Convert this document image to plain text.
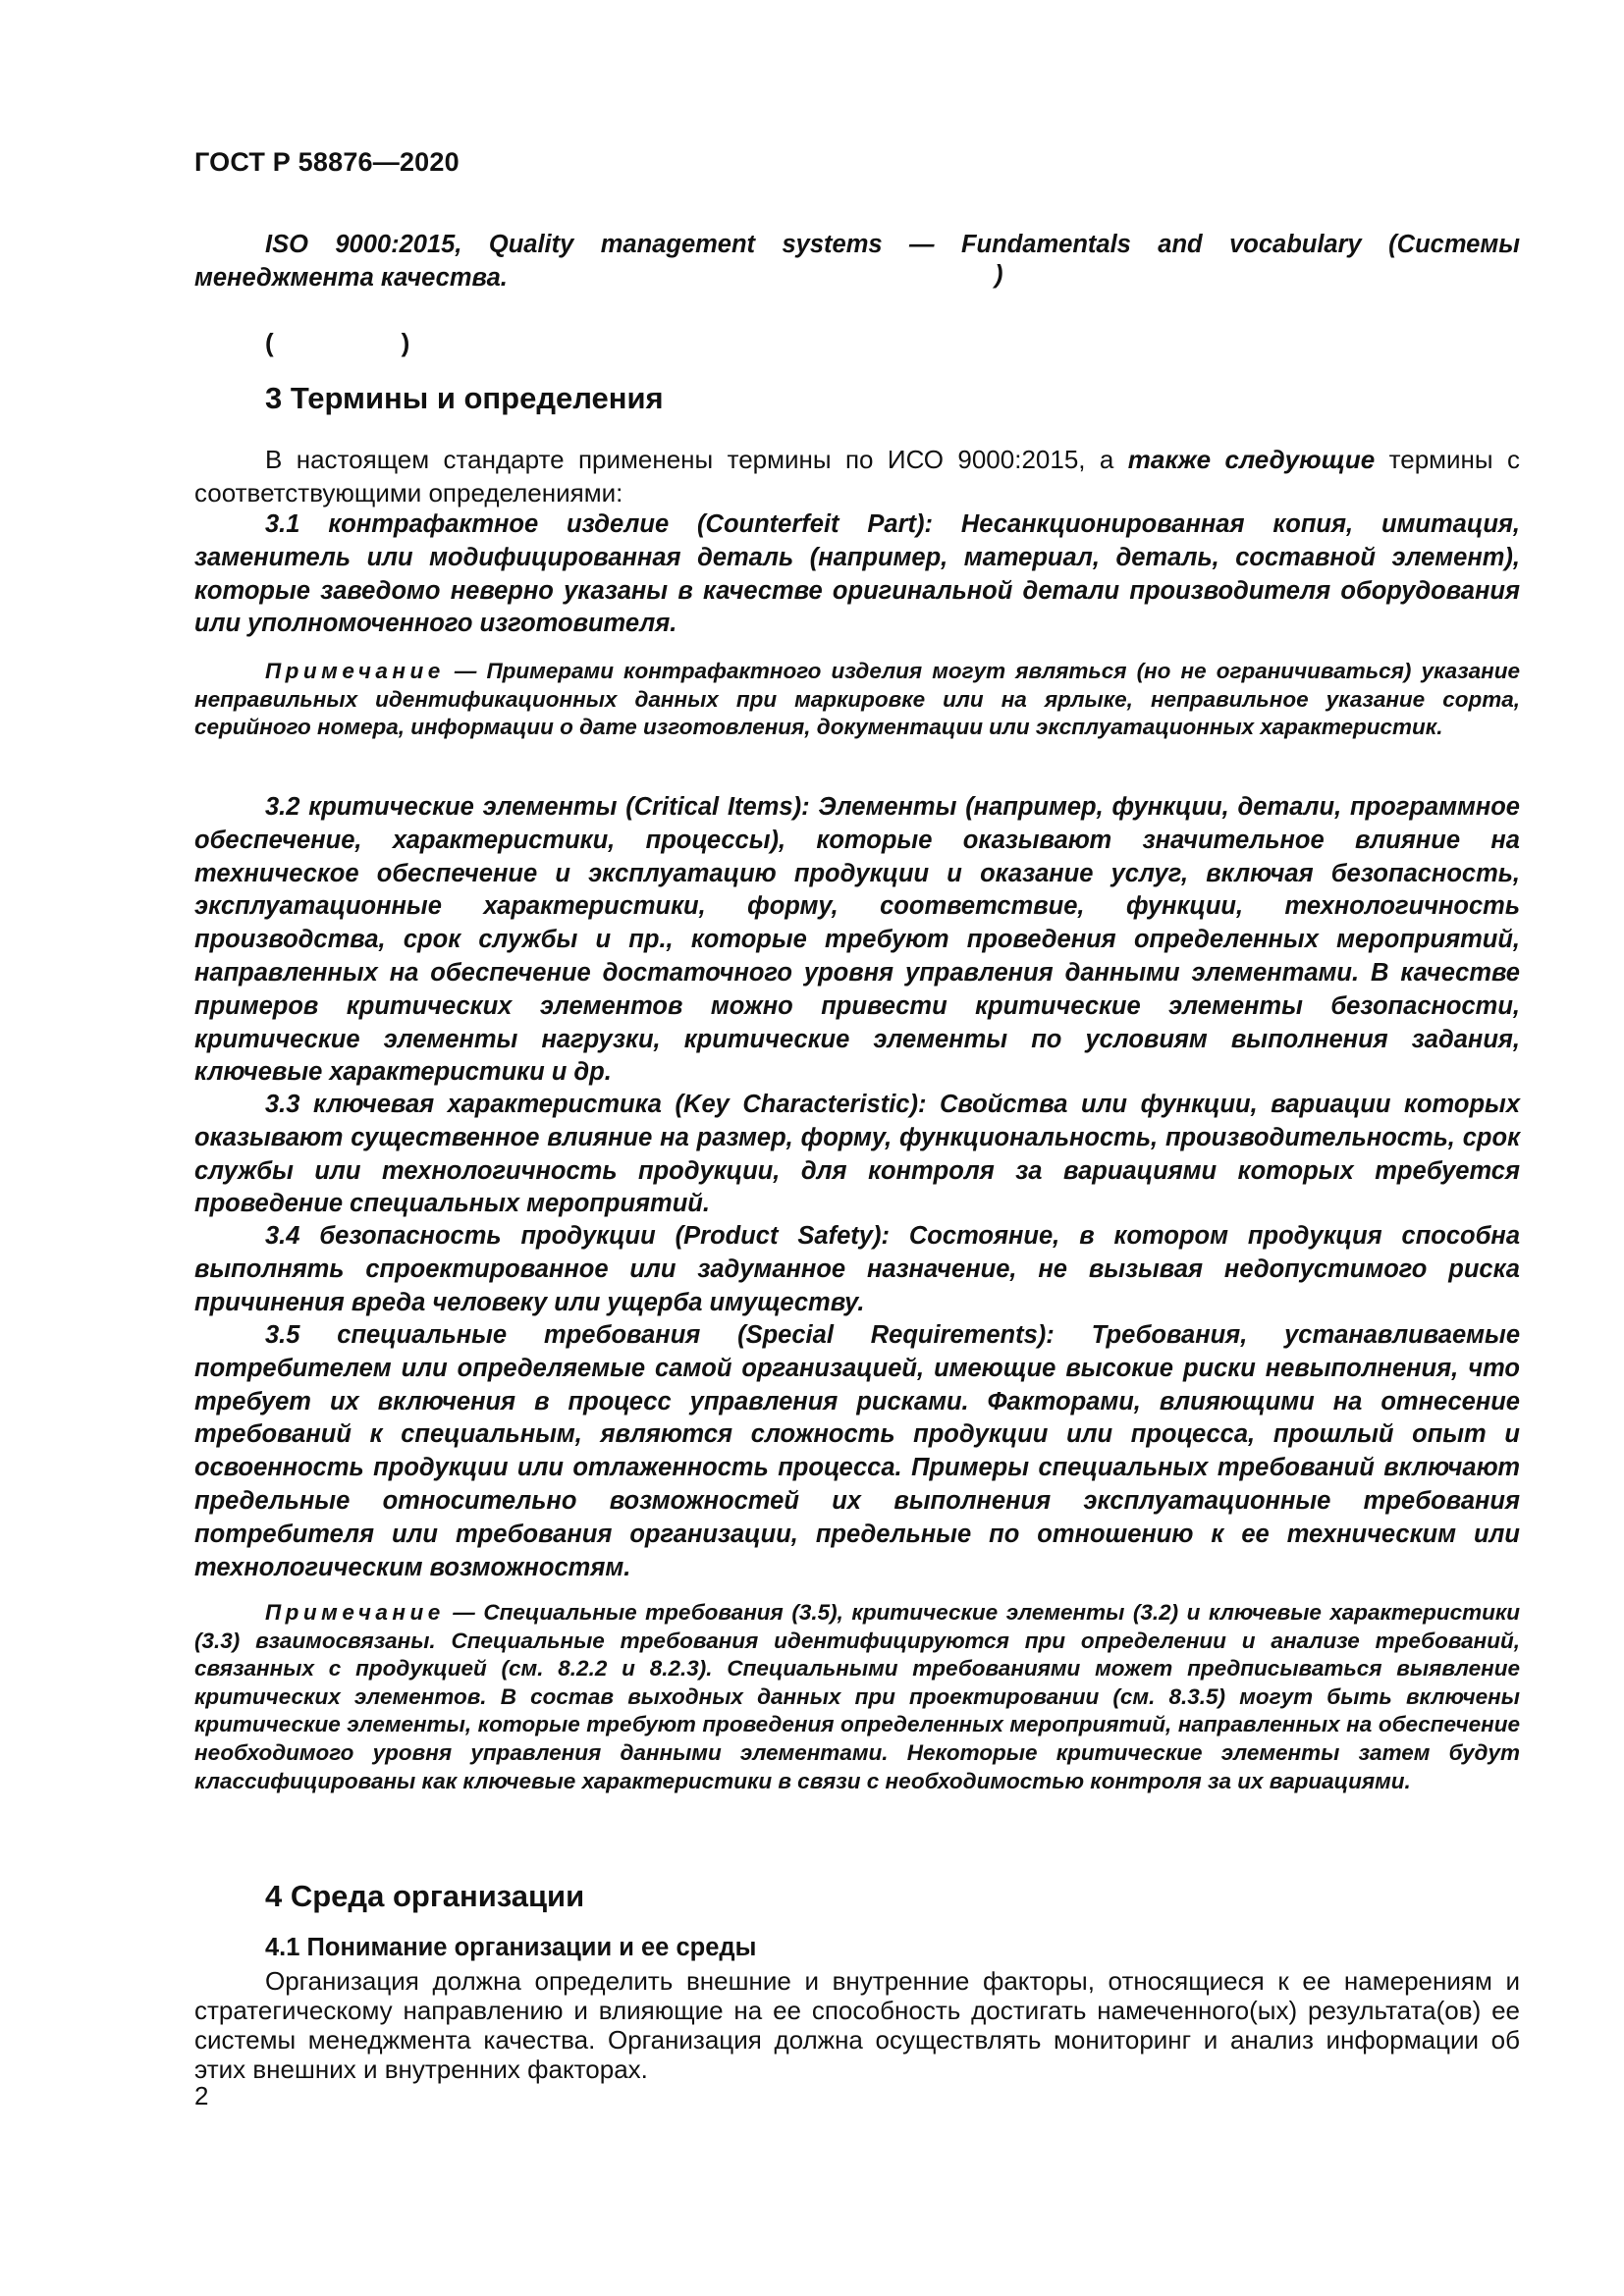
ГОСТ Р 58876—2020
ISO 9000:2015, Quality management systems — Fundamentals and vocabulary (Системы менеджмента качества.	)
(	)
3 Термины и определения
В настоящем стандарте применены термины по ИСО 9000:2015, а также следующие термины с соответствующими определениями:
3.1 контрафактное изделие (Counterfeit Part): Несанкционированная копия, имитация, заменитель или модифицированная деталь (например, материал, деталь, составной элемент), которые заведомо неверно указаны в качестве оригинальной детали производителя оборудования или уполномоченного изготовителя.
Примечание — Примерами контрафактного изделия могут являться (но не ограничиваться) указание неправильных идентификационных данных при маркировке или на ярлыке, неправильное указание сорта, серийного номера, информации о дате изготовления, документации или эксплуатационных характеристик.
3.2 критические элементы (Critical Items): Элементы (например, функции, детали, программное обеспечение, характеристики, процессы), которые оказывают значительное влияние на техническое обеспечение и эксплуатацию продукции и оказание услуг, включая безопасность, эксплуатационные характеристики, форму, соответствие, функции, технологичность производства, срок службы и пр., которые требуют проведения определенных мероприятий, направленных на обеспечение достаточного уровня управления данными элементами. В качестве примеров критических элементов можно привести критические элементы безопасности, критические элементы нагрузки, критические элементы по условиям выполнения задания, ключевые характеристики и др.
3.3 ключевая характеристика (Key Characteristic): Свойства или функции, вариации которых оказывают существенное влияние на размер, форму, функциональность, производительность, срок службы или технологичность продукции, для контроля за вариациями которых требуется проведение специальных мероприятий.
3.4 безопасность продукции (Product Safety): Состояние, в котором продукция способна выполнять спроектированное или задуманное назначение, не вызывая недопустимого риска причинения вреда человеку или ущерба имуществу.
3.5 специальные требования (Special Requirements): Требования, устанавливаемые потребителем или определяемые самой организацией, имеющие высокие риски невыполнения, что требует их включения в процесс управления рисками. Факторами, влияющими на отнесение требований к специальным, являются сложность продукции или процесса, прошлый опыт и освоенность продукции или отлаженность процесса. Примеры специальных требований включают предельные относительно возможностей их выполнения эксплуатационные требования потребителя или требования организации, предельные по отношению к ее техническим или технологическим возможностям.
Примечание — Специальные требования (3.5), критические элементы (3.2) и ключевые характеристики (3.3) взаимосвязаны. Специальные требования идентифицируются при определении и анализе требований, связанных с продукцией (см. 8.2.2 и 8.2.3). Специальными требованиями может предписываться выявление критических элементов. В состав выходных данных при проектировании (см. 8.3.5) могут быть включены критические элементы, которые требуют проведения определенных мероприятий, направленных на обеспечение необходимого уровня управления данными элементами. Некоторые критические элементы затем будут классифицированы как ключевые характеристики в связи с необходимостью контроля за их вариациями.
4 Среда организации
4.1 Понимание организации и ее среды
Организация должна определить внешние и внутренние факторы, относящиеся к ее намерениям и стратегическому направлению и влияющие на ее способность достигать намеченного(ых) результата(ов) ее системы менеджмента качества. Организация должна осуществлять мониторинг и анализ информации об этих внешних и внутренних факторах.
2
